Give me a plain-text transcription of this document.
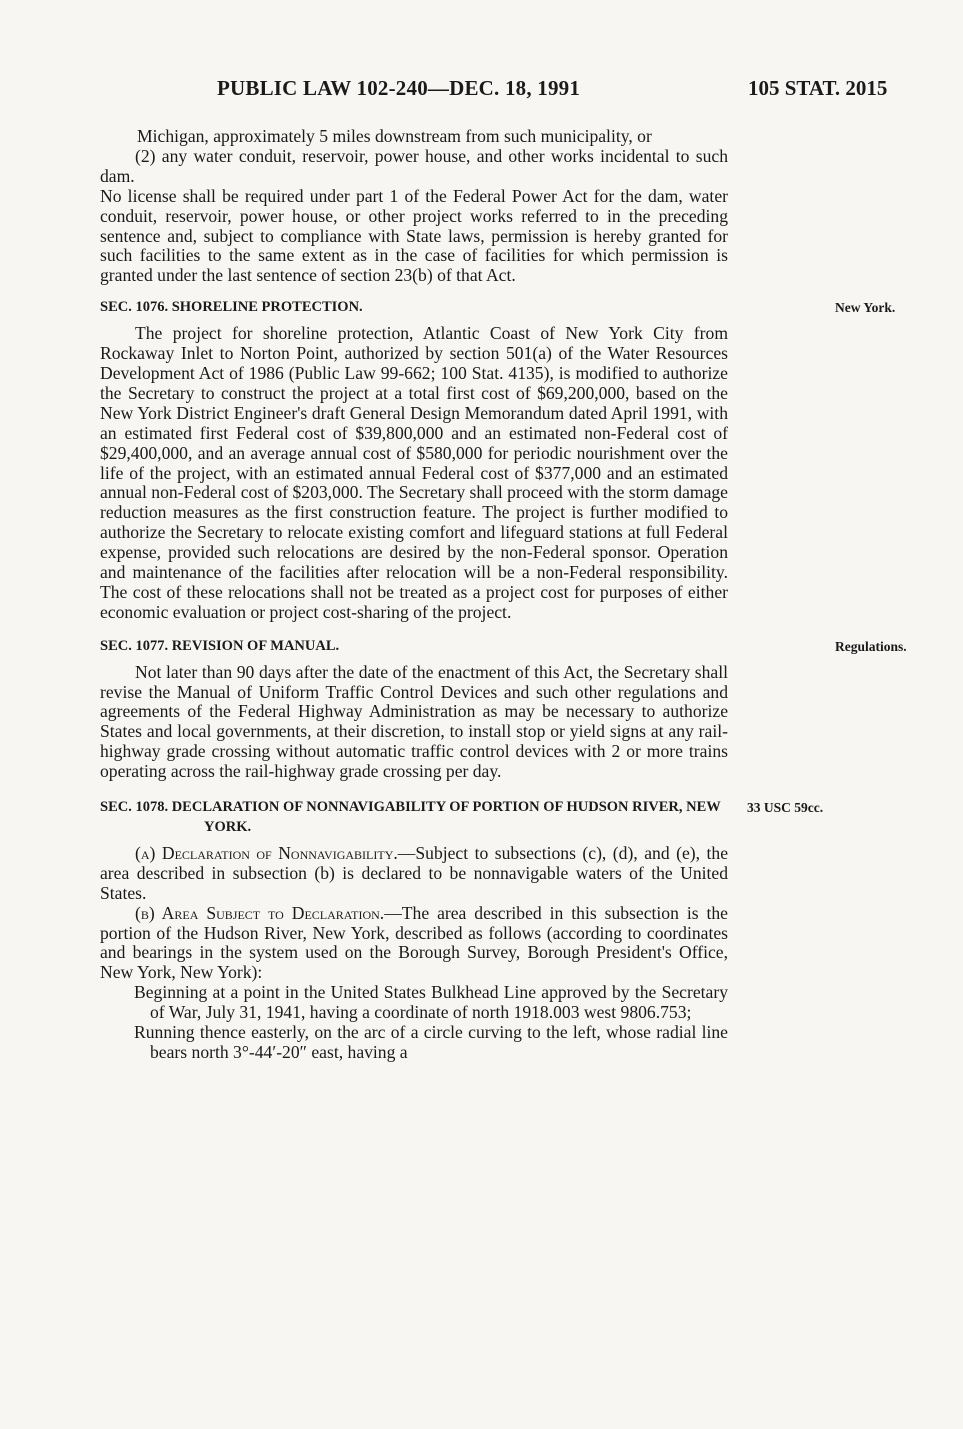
PUBLIC LAW 102-240—DEC. 18, 1991	105 STAT. 2015

Michigan, approximately 5 miles downstream from such municipality, or

(2) any water conduit, reservoir, power house, and other works incidental to such dam.

No license shall be required under part 1 of the Federal Power Act for the dam, water conduit, reservoir, power house, or other project works referred to in the preceding sentence and, subject to compliance with State laws, permission is hereby granted for such facilities to the same extent as in the case of facilities for which permission is granted under the last sentence of section 23(b) of that Act.

SEC. 1076. SHORELINE PROTECTION.	New York.

The project for shoreline protection, Atlantic Coast of New York City from Rockaway Inlet to Norton Point, authorized by section 501(a) of the Water Resources Development Act of 1986 (Public Law 99-662; 100 Stat. 4135), is modified to authorize the Secretary to construct the project at a total first cost of $69,200,000, based on the New York District Engineer's draft General Design Memorandum dated April 1991, with an estimated first Federal cost of $39,800,000 and an estimated non-Federal cost of $29,400,000, and an average annual cost of $580,000 for periodic nourishment over the life of the project, with an estimated annual Federal cost of $377,000 and an estimated annual non-Federal cost of $203,000. The Secretary shall proceed with the storm damage reduction measures as the first construction feature. The project is further modified to authorize the Secretary to relocate existing comfort and lifeguard stations at full Federal expense, provided such relocations are desired by the non-Federal sponsor. Operation and maintenance of the facilities after relocation will be a non-Federal responsibility. The cost of these relocations shall not be treated as a project cost for purposes of either economic evaluation or project cost-sharing of the project.

SEC. 1077. REVISION OF MANUAL.	Regulations.

Not later than 90 days after the date of the enactment of this Act, the Secretary shall revise the Manual of Uniform Traffic Control Devices and such other regulations and agreements of the Federal Highway Administration as may be necessary to authorize States and local governments, at their discretion, to install stop or yield signs at any rail-highway grade crossing without automatic traffic control devices with 2 or more trains operating across the rail-highway grade crossing per day.

SEC. 1078. DECLARATION OF NONNAVIGABILITY OF PORTION OF HUDSON RIVER, NEW YORK.
33 USC 59cc.

(a) Declaration of Nonnavigability.—Subject to subsections (c), (d), and (e), the area described in subsection (b) is declared to be nonnavigable waters of the United States.

(b) Area Subject to Declaration.—The area described in this subsection is the portion of the Hudson River, New York, described as follows (according to coordinates and bearings in the system used on the Borough Survey, Borough President's Office, New York, New York):

Beginning at a point in the United States Bulkhead Line approved by the Secretary of War, July 31, 1941, having a coordinate of north 1918.003 west 9806.753;

Running thence easterly, on the arc of a circle curving to the left, whose radial line bears north 3°-44′-20″ east, having a
